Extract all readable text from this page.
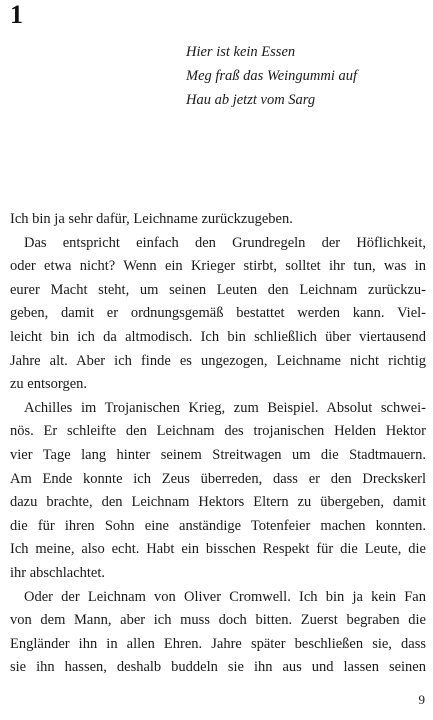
1
Hier ist kein Essen
Meg fraß das Weingummi auf
Hau ab jetzt vom Sarg
Ich bin ja sehr dafür, Leichname zurückzugeben.
Das entspricht einfach den Grundregeln der Höflichkeit,
oder etwa nicht? Wenn ein Krieger stirbt, solltet ihr tun, was in
eurer Macht steht, um seinen Leuten den Leichnam zurückzu-
geben, damit er ordnungsgemäß bestattet werden kann. Viel-
leicht bin ich da altmodisch. Ich bin schließlich über viertausend
Jahre alt. Aber ich finde es ungezogen, Leichname nicht richtig
zu entsorgen.
Achilles im Trojanischen Krieg, zum Beispiel. Absolut schwei-
nös. Er schleifte den Leichnam des trojanischen Helden Hektor
vier Tage lang hinter seinem Streitwagen um die Stadtmauern.
Am Ende konnte ich Zeus überreden, dass er den Dreckskerl
dazu brachte, den Leichnam Hektors Eltern zu übergeben, damit
die für ihren Sohn eine anständige Totenfeier machen konnten.
Ich meine, also echt. Habt ein bisschen Respekt für die Leute, die
ihr abschlachtet.
Oder der Leichnam von Oliver Cromwell. Ich bin ja kein Fan
von dem Mann, aber ich muss doch bitten. Zuerst begraben die
Engländer ihn in allen Ehren. Jahre später beschließen sie, dass
sie ihn hassen, deshalb buddeln sie ihn aus und lassen seinen
9
